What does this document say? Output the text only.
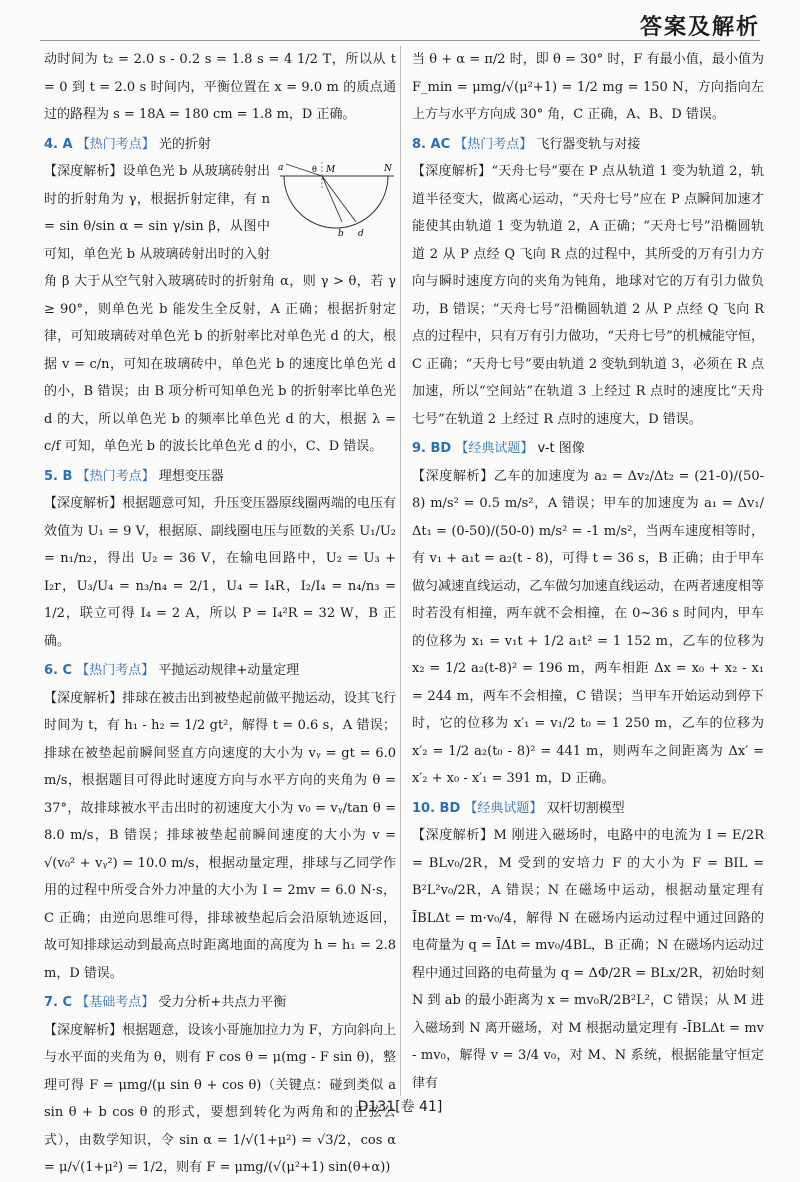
答案及解析

动时间为 t₂ = 2.0 s - 0.2 s = 1.8 s = 4 1/2 T，所以从 t = 0 到 t = 2.0 s 时间内，平衡位置在 x = 9.0 m 的质点通过的路程为 s = 18A = 180 cm = 1.8 m，D 正确。

4. A 【热门考点】 光的折射
a	θ M	N
b d

【深度解析】设单色光 b 从玻璃砖射出时的折射角为 γ，根据折射定律，有 n = sin θ/sin α = sin γ/sin β，从图中可知，单色光 b 从玻璃砖射出时的入射角 β 大于从空气射入玻璃砖时的折射角 α，则 γ > θ，若 γ ≥ 90°，则单色光 b 能发生全反射，A 正确；根据折射定律，可知玻璃砖对单色光 b 的折射率比对单色光 d 的大，根据 v = c/n，可知在玻璃砖中，单色光 b 的速度比单色光 d 的小，B 错误；由 B 项分析可知单色光 b 的折射率比单色光 d 的大，所以单色光 b 的频率比单色光 d 的大，根据 λ = c/f 可知，单色光 b 的波长比单色光 d 的小，C、D 错误。

5. B 【热门考点】 理想变压器

【深度解析】根据题意可知，升压变压器原线圈两端的电压有效值为 U₁ = 9 V，根据原、副线圈电压与匝数的关系 U₁/U₂ = n₁/n₂，得出 U₂ = 36 V，在输电回路中，U₂ = U₃ + I₂r，U₃/U₄ = n₃/n₄ = 2/1，U₄ = I₄R，I₂/I₄ = n₄/n₃ = 1/2，联立可得 I₄ = 2 A，所以 P = I₄²R = 32 W，B 正确。

6. C 【热门考点】 平抛运动规律+动量定理

【深度解析】排球在被击出到被垫起前做平抛运动，设其飞行时间为 t，有 h₁ - h₂ = 1/2 gt²，解得 t = 0.6 s，A 错误；排球在被垫起前瞬间竖直方向速度的大小为 vᵧ = gt = 6.0 m/s，根据题目可得此时速度方向与水平方向的夹角为 θ = 37°，故排球被水平击出时的初速度大小为 v₀ = vᵧ/tan θ = 8.0 m/s，B 错误；排球被垫起前瞬间速度的大小为 v = √(v₀² + vᵧ²) = 10.0 m/s，根据动量定理，排球与乙同学作用的过程中所受合外力冲量的大小为 I = 2mv = 6.0 N·s，C 正确；由逆向思维可得，排球被垫起后会沿原轨迹返回，故可知排球运动到最高点时距离地面的高度为 h = h₁ = 2.8 m，D 错误。

7. C 【基础考点】 受力分析+共点力平衡

【深度解析】根据题意，设该小哥施加拉力为 F，方向斜向上与水平面的夹角为 θ，则有 F cos θ = μ(mg - F sin θ)，整理可得 F = μmg/(μ sin θ + cos θ)（关键点：碰到类似 a sin θ + b cos θ 的形式，要想到转化为两角和的正弦公式），由数学知识，令 sin α = 1/√(1+μ²) = √3/2，cos α = μ/√(1+μ²) = 1/2，则有 F = μmg/(√(μ²+1) sin(θ+α))

当 θ + α = π/2 时，即 θ = 30° 时，F 有最小值，最小值为 F_min = μmg/√(μ²+1) = 1/2 mg = 150 N，方向指向左上方与水平方向成 30° 角，C 正确，A、B、D 错误。

8. AC 【热门考点】 飞行器变轨与对接

【深度解析】“天舟七号”要在 P 点从轨道 1 变为轨道 2，轨道半径变大，做离心运动，“天舟七号”应在 P 点瞬间加速才能使其由轨道 1 变为轨道 2，A 正确；“天舟七号”沿椭圆轨道 2 从 P 点经 Q 飞向 R 点的过程中，其所受的万有引力方向与瞬时速度方向的夹角为钝角，地球对它的万有引力做负功，B 错误；“天舟七号”沿椭圆轨道 2 从 P 点经 Q 飞向 R 点的过程中，只有万有引力做功，“天舟七号”的机械能守恒，C 正确；“天舟七号”要由轨道 2 变轨到轨道 3，必须在 R 点加速，所以“空间站”在轨道 3 上经过 R 点时的速度比“天舟七号”在轨道 2 上经过 R 点时的速度大，D 错误。

9. BD 【经典试题】 v-t 图像

【深度解析】乙车的加速度为 a₂ = Δv₂/Δt₂ = (21-0)/(50-8) m/s² = 0.5 m/s²，A 错误；甲车的加速度为 a₁ = Δv₁/Δt₁ = (0-50)/(50-0) m/s² = -1 m/s²，当两车速度相等时，有 v₁ + a₁t = a₂(t - 8)，可得 t = 36 s，B 正确；由于甲车做匀减速直线运动，乙车做匀加速直线运动，在两者速度相等时若没有相撞，两车就不会相撞，在 0~36 s 时间内，甲车的位移为 x₁ = v₁t + 1/2 a₁t² = 1 152 m，乙车的位移为 x₂ = 1/2 a₂(t-8)² = 196 m，两车相距 Δx = x₀ + x₂ - x₁ = 244 m，两车不会相撞，C 错误；当甲车开始运动到停下时，它的位移为 x′₁ = v₁/2 t₀ = 1 250 m，乙车的位移为 x′₂ = 1/2 a₂(t₀ - 8)² = 441 m，则两车之间距离为 Δx′ = x′₂ + x₀ - x′₁ = 391 m，D 正确。

10. BD 【经典试题】 双杆切割模型

【深度解析】M 刚进入磁场时，电路中的电流为 I = E/2R = BLv₀/2R，M 受到的安培力 F 的大小为 F = BIL = B²L²v₀/2R，A 错误；N 在磁场中运动，根据动量定理有 ĪBLΔt = m·v₀/4，解得 N 在磁场内运动过程中通过回路的电荷量为 q = ĪΔt = mv₀/4BL，B 正确；N 在磁场内运动过程中通过回路的电荷量为 q = ΔΦ/2R = BLx/2R，初始时刻 N 到 ab 的最小距离为 x = mv₀R/2B²L²，C 错误；从 M 进入磁场到 N 离开磁场，对 M 根据动量定理有 -ĪBLΔt = mv - mv₀，解得 v = 3/4 v₀，对 M、N 系统，根据能量守恒定律有

D131[卷 41]
